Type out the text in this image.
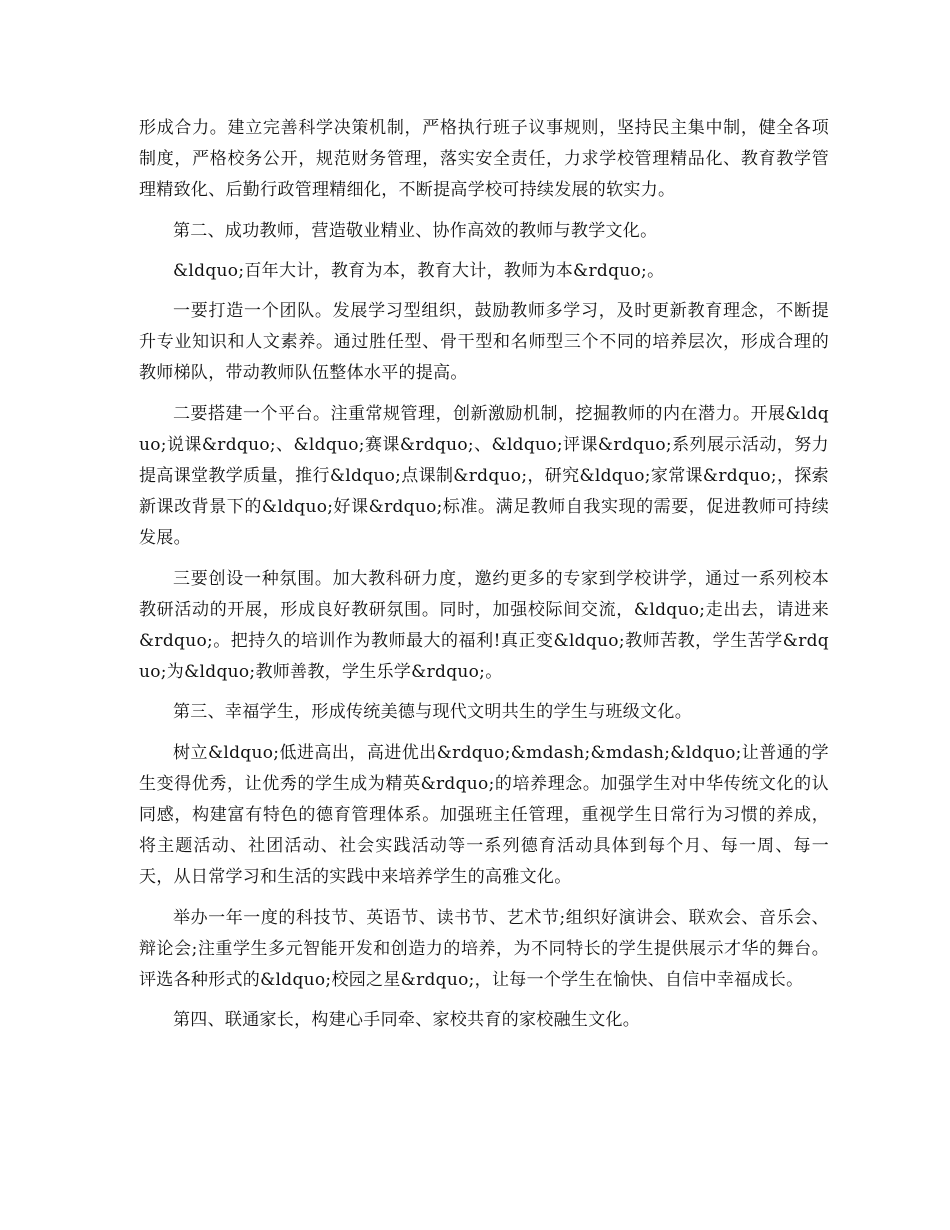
形成合力。建立完善科学决策机制，严格执行班子议事规则，坚持民主集中制，健全各项制度，严格校务公开，规范财务管理，落实安全责任，力求学校管理精品化、教育教学管理精致化、后勤行政管理精细化，不断提高学校可持续发展的软实力。

第二、成功教师，营造敬业精业、协作高效的教师与教学文化。

&ldquo;百年大计，教育为本，教育大计，教师为本&rdquo;。

一要打造一个团队。发展学习型组织，鼓励教师多学习，及时更新教育理念，不断提升专业知识和人文素养。通过胜任型、骨干型和名师型三个不同的培养层次，形成合理的教师梯队，带动教师队伍整体水平的提高。

二要搭建一个平台。注重常规管理，创新激励机制，挖掘教师的内在潜力。开展&ldquo;说课&rdquo;、&ldquo;赛课&rdquo;、&ldquo;评课&rdquo;系列展示活动，努力提高课堂教学质量，推行&ldquo;点课制&rdquo;，研究&ldquo;家常课&rdquo;，探索新课改背景下的&ldquo;好课&rdquo;标准。满足教师自我实现的需要，促进教师可持续发展。

三要创设一种氛围。加大教科研力度，邀约更多的专家到学校讲学，通过一系列校本教研活动的开展，形成良好教研氛围。同时，加强校际间交流，&ldquo;走出去，请进来&rdquo;。把持久的培训作为教师最大的福利!真正变&ldquo;教师苦教，学生苦学&rdquo;为&ldquo;教师善教，学生乐学&rdquo;。

第三、幸福学生，形成传统美德与现代文明共生的学生与班级文化。

树立&ldquo;低进高出，高进优出&rdquo;&mdash;&mdash;&ldquo;让普通的学生变得优秀，让优秀的学生成为精英&rdquo;的培养理念。加强学生对中华传统文化的认同感，构建富有特色的德育管理体系。加强班主任管理，重视学生日常行为习惯的养成，将主题活动、社团活动、社会实践活动等一系列德育活动具体到每个月、每一周、每一天，从日常学习和生活的实践中来培养学生的高雅文化。

举办一年一度的科技节、英语节、读书节、艺术节;组织好演讲会、联欢会、音乐会、辩论会;注重学生多元智能开发和创造力的培养，为不同特长的学生提供展示才华的舞台。评选各种形式的&ldquo;校园之星&rdquo;，让每一个学生在愉快、自信中幸福成长。

第四、联通家长，构建心手同牵、家校共育的家校融生文化。
